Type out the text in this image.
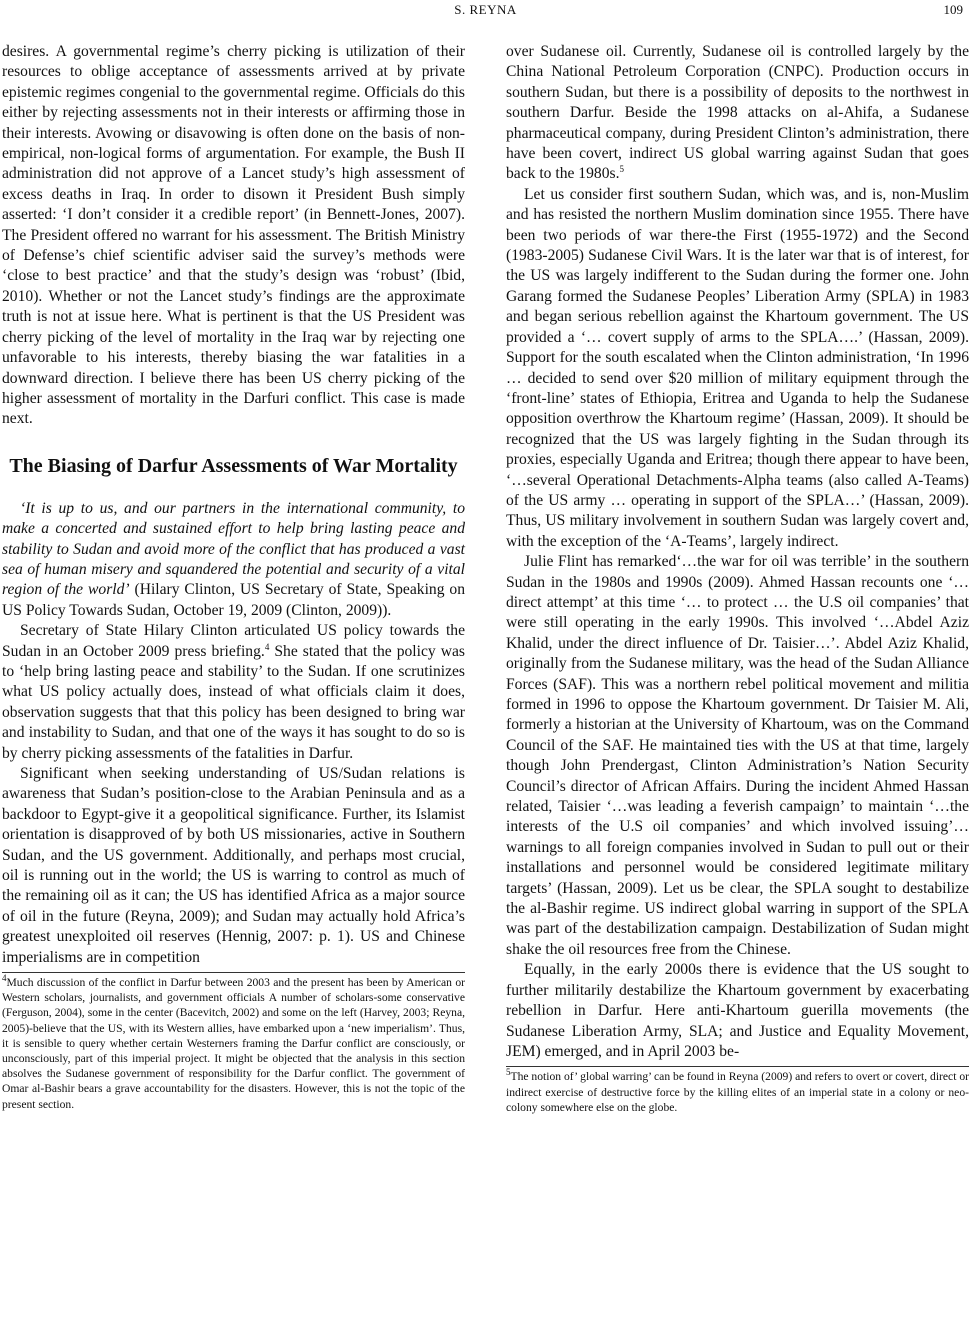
S. REYNA	109

desires. A governmental regime’s cherry picking is utilization of their resources to oblige acceptance of assessments arrived at by private epistemic regimes congenial to the governmental regime. Officials do this either by rejecting assessments not in their interests or affirming those in their interests. Avowing or disavowing is often done on the basis of non-empirical, non-logical forms of argumentation. For example, the Bush II administration did not approve of a Lancet study’s high assessment of excess deaths in Iraq. In order to disown it President Bush simply asserted: ‘I don’t consider it a credible report’ (in Bennett-Jones, 2007). The President offered no warrant for his assessment. The British Ministry of Defense’s chief scientific adviser said the survey’s methods were ‘close to best practice’ and that the study’s design was ‘robust’ (Ibid, 2010). Whether or not the Lancet study’s findings are the approximate truth is not at issue here. What is pertinent is that the US President was cherry picking of the level of mortality in the Iraq war by rejecting one unfavorable to his interests, thereby biasing the war fatalities in a downward direction. I believe there has been US cherry picking of the higher assessment of mortality in the Darfuri conflict. This case is made next.

The Biasing of Darfur Assessments of War Mortality

‘It is up to us, and our partners in the international community, to make a concerted and sustained effort to help bring lasting peace and stability to Sudan and avoid more of the conflict that has produced a vast sea of human misery and squandered the potential and security of a vital region of the world’ (Hilary Clinton, US Secretary of State, Speaking on US Policy Towards Sudan, October 19, 2009 (Clinton, 2009)).

Secretary of State Hilary Clinton articulated US policy towards the Sudan in an October 2009 press briefing.$^4$ She stated that the policy was to ‘help bring lasting peace and stability’ to the Sudan. If one scrutinizes what US policy actually does, instead of what officials claim it does, observation suggests that that this policy has been designed to bring war and instability to Sudan, and that one of the ways it has sought to do so is by cherry picking assessments of the fatalities in Darfur.

Significant when seeking understanding of US/Sudan relations is awareness that Sudan’s position-close to the Arabian Peninsula and as a backdoor to Egypt-give it a geopolitical significance. Further, its Islamist orientation is disapproved of by both US missionaries, active in Southern Sudan, and the US government. Additionally, and perhaps most crucial, oil is running out in the world; the US is warring to control as much of the remaining oil as it can; the US has identified Africa as a major source of oil in the future (Reyna, 2009); and Sudan may actually hold Africa’s greatest unexploited oil reserves (Hennig, 2007: p. 1). US and Chinese imperialisms are in competition

$^4$Much discussion of the conflict in Darfur between 2003 and the present has been by American or Western scholars, journalists, and government officials A number of scholars-some conservative (Ferguson, 2004), some in the center (Bacevitch, 2002) and some on the left (Harvey, 2003; Reyna, 2005)-believe that the US, with its Western allies, have embarked upon a ‘new imperialism’. Thus, it is sensible to query whether certain Westerners framing the Darfur conflict are consciously, or unconsciously, part of this imperial project. It might be objected that the analysis in this section absolves the Sudanese government of responsibility for the Darfur conflict. The government of Omar al-Bashir bears a grave accountability for the disasters. However, this is not the topic of the present section.

over Sudanese oil. Currently, Sudanese oil is controlled largely by the China National Petroleum Corporation (CNPC). Production occurs in southern Sudan, but there is a possibility of deposits to the northwest in southern Darfur. Beside the 1998 attacks on al-Ahifa, a Sudanese pharmaceutical company, during President Clinton’s administration, there have been covert, indirect US global warring against Sudan that goes back to the 1980s.$^5$

Let us consider first southern Sudan, which was, and is, non-Muslim and has resisted the northern Muslim domination since 1955. There have been two periods of war there-the First (1955-1972) and the Second (1983-2005) Sudanese Civil Wars. It is the later war that is of interest, for the US was largely indifferent to the Sudan during the former one. John Garang formed the Sudanese Peoples’ Liberation Army (SPLA) in 1983 and began serious rebellion against the Khartoum government. The US provided a ‘… covert supply of arms to the SPLA….’ (Hassan, 2009). Support for the south escalated when the Clinton administration, ‘In 1996 … decided to send over $20 million of military equipment through the ‘front-line’ states of Ethiopia, Eritrea and Uganda to help the Sudanese opposition overthrow the Khartoum regime’ (Hassan, 2009). It should be recognized that the US was largely fighting in the Sudan through its proxies, especially Uganda and Eritrea; though there appear to have been, ‘…several Operational Detachments-Alpha teams (also called A-Teams) of the US army … operating in support of the SPLA…’ (Hassan, 2009). Thus, US military involvement in southern Sudan was largely covert and, with the exception of the ‘A-Teams’, largely indirect.

Julie Flint has remarked‘…the war for oil was terrible’ in the southern Sudan in the 1980s and 1990s (2009). Ahmed Hassan recounts one ‘…direct attempt’ at this time ‘… to protect … the U.S oil companies’ that were still operating in the early 1990s. This involved ‘…Abdel Aziz Khalid, under the direct influence of Dr. Taisier…’. Abdel Aziz Khalid, originally from the Sudanese military, was the head of the Sudan Alliance Forces (SAF). This was a northern rebel political movement and militia formed in 1996 to oppose the Khartoum government. Dr Taisier M. Ali, formerly a historian at the University of Khartoum, was on the Command Council of the SAF. He maintained ties with the US at that time, largely though John Prendergast, Clinton Administration’s Nation Security Council’s director of African Affairs. During the incident Ahmed Hassan related, Taisier ‘…was leading a feverish campaign’ to maintain ‘…the interests of the U.S oil companies’ and which involved issuing’… warnings to all foreign companies involved in Sudan to pull out or their installations and personnel would be considered legitimate military targets’ (Hassan, 2009). Let us be clear, the SPLA sought to destabilize the al-Bashir regime. US indirect global warring in support of the SPLA was part of the destabilization campaign. Destabilization of Sudan might shake the oil resources free from the Chinese.

Equally, in the early 2000s there is evidence that the US sought to further militarily destabilize the Khartoum government by exacerbating rebellion in Darfur. Here anti-Khartoum guerilla movements (the Sudanese Liberation Army, SLA; and Justice and Equality Movement, JEM) emerged, and in April 2003 be-

$^5$The notion of’ global warring’ can be found in Reyna (2009) and refers to overt or covert, direct or indirect exercise of destructive force by the killing elites of an imperial state in a colony or neo-colony somewhere else on the globe.
